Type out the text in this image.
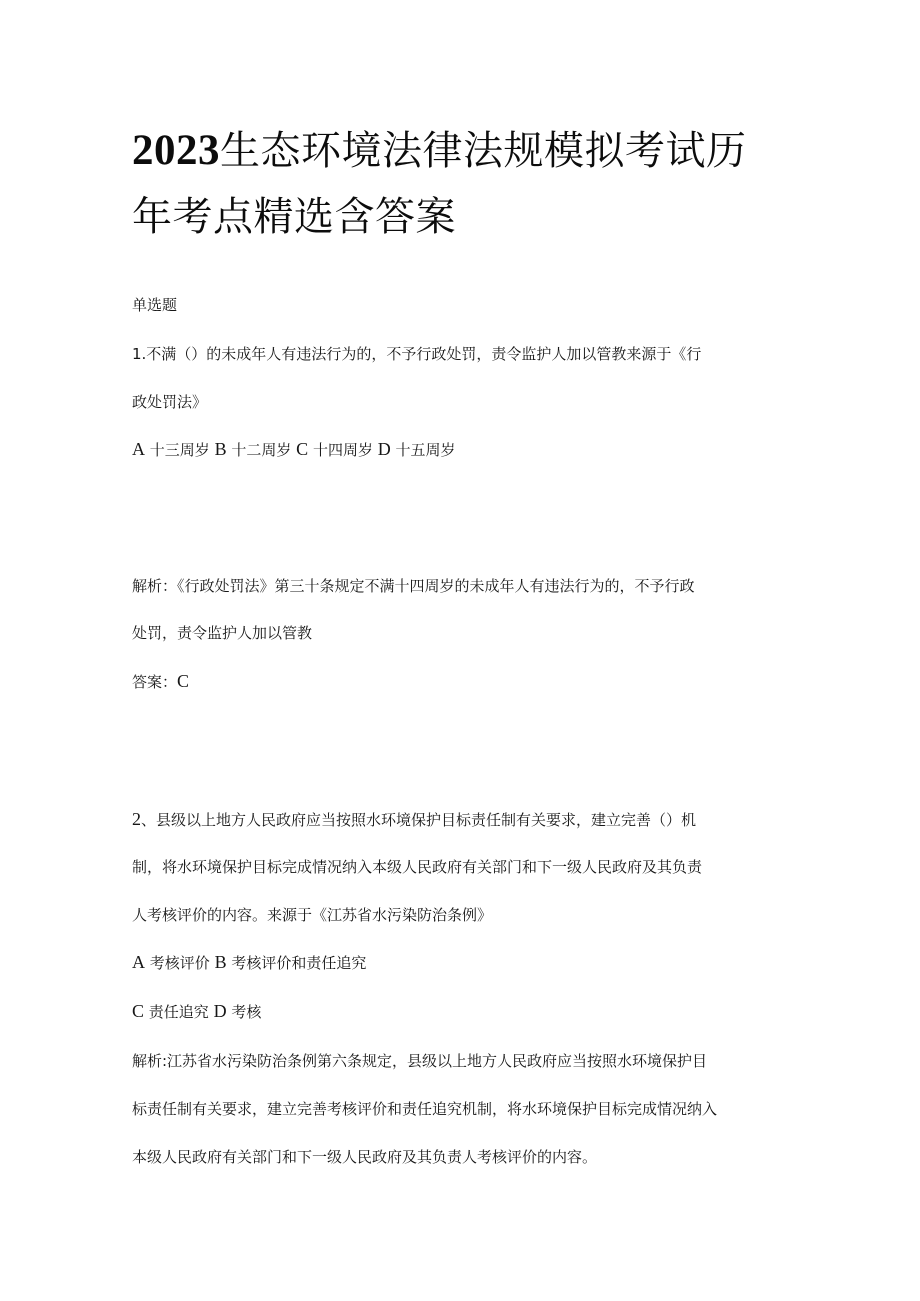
2023生态环境法律法规模拟考试历
年考点精选含答案

单选题

1.不满（）的未成年人有违法行为的，不予行政处罚，责令监护人加以管教来源于《行

政处罚法》

A 十三周岁 B 十二周岁 C 十四周岁 D 十五周岁

解析：《行政处罚法》第三十条规定不满十四周岁的未成年人有违法行为的，不予行政

处罚，责令监护人加以管教

答案：C

2、县级以上地方人民政府应当按照水环境保护目标责任制有关要求，建立完善（）机

制，将水环境保护目标完成情况纳入本级人民政府有关部门和下一级人民政府及其负责

人考核评价的内容。来源于《江苏省水污染防治条例》

A 考核评价 B 考核评价和责任追究

C 责任追究 D 考核

解析:江苏省水污染防治条例第六条规定，县级以上地方人民政府应当按照水环境保护目

标责任制有关要求，建立完善考核评价和责任追究机制，将水环境保护目标完成情况纳入

本级人民政府有关部门和下一级人民政府及其负责人考核评价的内容。
